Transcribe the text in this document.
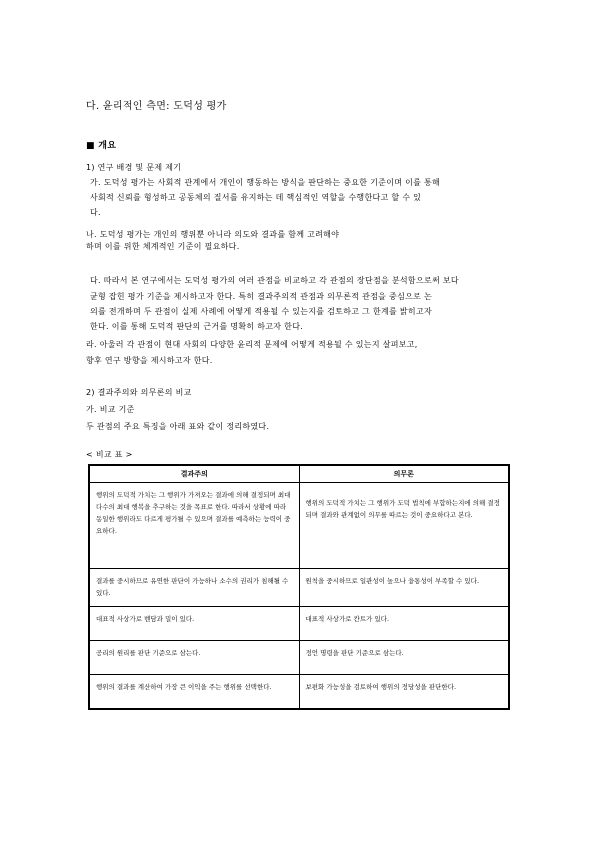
다. 윤리적인 측면: 도덕성 평가
■ 개요
1) 연구 배경 및 문제 제기
가. 도덕성 평가는 사회적 관계에서 개인이 행동하는 방식을 판단하는 중요한 기준이며 이를 통해
사회적 신뢰를 형성하고 공동체의 질서를 유지하는 데 핵심적인 역할을 수행한다고 할 수 있
다.
나. 도덕성 평가는 개인의 행위뿐 아니라 의도와 결과를 함께 고려해야
하며 이를 위한 체계적인 기준이 필요하다.
다. 따라서 본 연구에서는 도덕성 평가의 여러 관점을 비교하고 각 관점의 장단점을 분석함으로써 보다
균형 잡힌 평가 기준을 제시하고자 한다. 특히 결과주의적 관점과 의무론적 관점을 중심으로 논
의를 전개하며 두 관점이 실제 사례에 어떻게 적용될 수 있는지를 검토하고 그 한계를 밝히고자
한다. 이를 통해 도덕적 판단의 근거를 명확히 하고자 한다.
라. 아울러 각 관점이 현대 사회의 다양한 윤리적 문제에 어떻게 적용될 수 있는지 살펴보고,
향후 연구 방향을 제시하고자 한다.
2) 결과주의와 의무론의 비교
가. 비교 기준
두 관점의 주요 특징을 아래 표와 같이 정리하였다.
< 비교 표 >
결과주의	의무론
행위의 도덕적 가치는 그 행위가 가져오는 결과에 의해 결정되며 최대 다수의 최대 행복을 추구하는 것을 목표로 한다. 따라서 상황에 따라 동일한 행위라도 다르게 평가될 수 있으며 결과를 예측하는 능력이 중요하다.	행위의 도덕적 가치는 그 행위가 도덕 법칙에 부합하는지에 의해 결정되며 결과와 관계없이 의무를 따르는 것이 중요하다고 본다.
결과를 중시하므로 유연한 판단이 가능하나 소수의 권리가 침해될 수 있다.	원칙을 중시하므로 일관성이 높으나 융통성이 부족할 수 있다.
대표적 사상가로 벤담과 밀이 있다.	대표적 사상가로 칸트가 있다.
공리의 원리를 판단 기준으로 삼는다.	정언 명령을 판단 기준으로 삼는다.
행위의 결과를 계산하여 가장 큰 이익을 주는 행위를 선택한다.	보편화 가능성을 검토하여 행위의 정당성을 판단한다.
